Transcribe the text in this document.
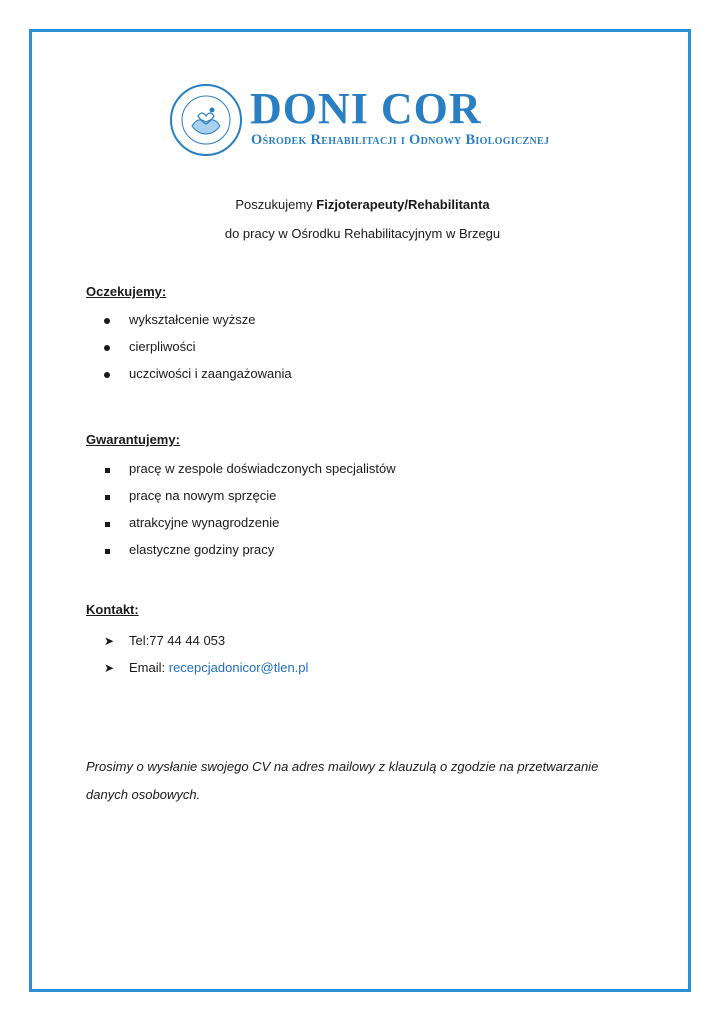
DONI COR
Ośrodek Rehabilitacji i Odnowy Biologicznej
Poszukujemy Fizjoterapeuty/Rehabilitanta
do pracy w Ośrodku Rehabilitacyjnym w Brzegu
Oczekujemy:
wykształcenie wyższe
cierpliwości
uczciwości i zaangażowania
Gwarantujemy:
pracę w zespole doświadczonych specjalistów
pracę na nowym sprzęcie
atrakcyjne wynagrodzenie
elastyczne godziny pracy
Kontakt:
➤	Tel: 77 44 44 053
➤	Email:
recepcjadonicor@tlen.pl
Prosimy o wysłanie swojego CV na adres mailowy z klauzulą o zgodzie na przetwarzanie
danych osobowych.
